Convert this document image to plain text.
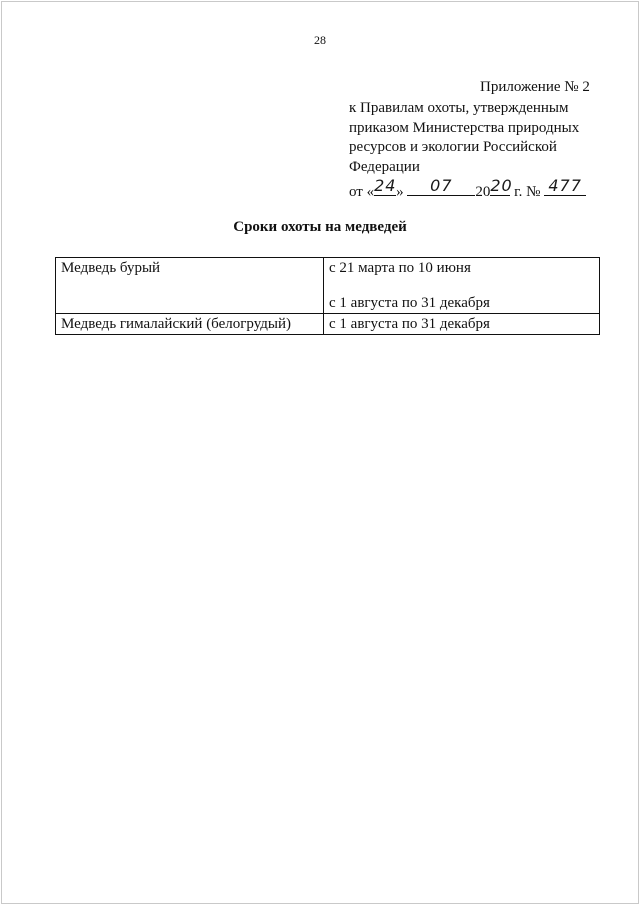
28
Приложение № 2
к Правилам охоты, утвержденным
приказом Министерства природных
ресурсов и экологии Российской
Федерации
от « 24 »	07	20 20 г. № 477
Сроки охоты на медведей
Медведь бурый	с 21 марта по 10 июня
с 1 августа по 31 декабря

Медведь гималайский (белогрудый)	с 1 августа по 31 декабря
